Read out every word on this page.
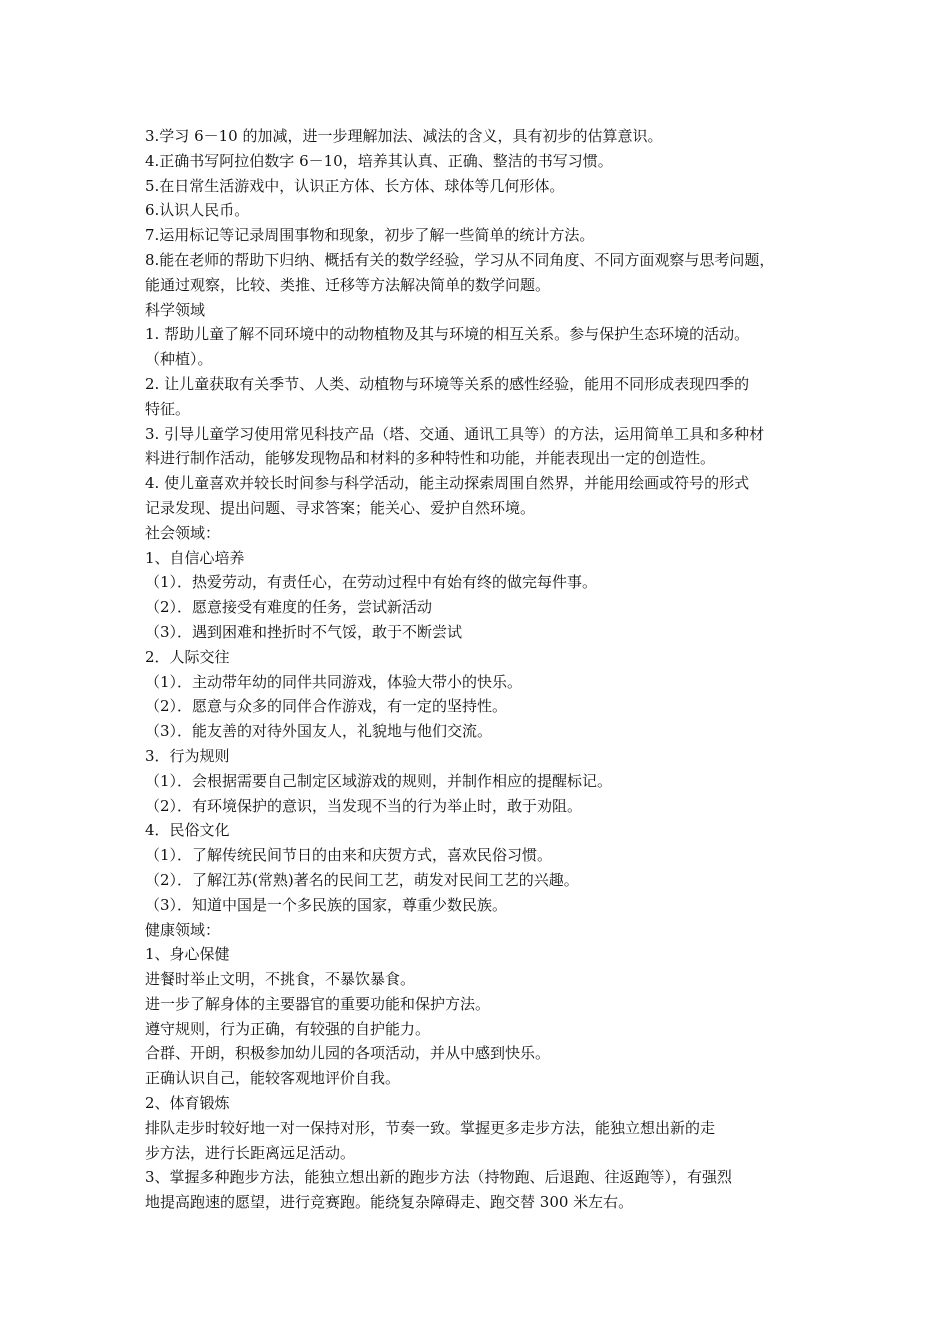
3.学习 6－10 的加减，进一步理解加法、减法的含义，具有初步的估算意识。
4.正确书写阿拉伯数字 6－10，培养其认真、正确、整洁的书写习惯。
5.在日常生活游戏中，认识正方体、长方体、球体等几何形体。
6.认识人民币。
7.运用标记等记录周围事物和现象，初步了解一些简单的统计方法。
8.能在老师的帮助下归纳、概括有关的数学经验，学习从不同角度、不同方面观察与思考问题，
能通过观察，比较、类推、迁移等方法解决简单的数学问题。
科学领域
1. 帮助儿童了解不同环境中的动物植物及其与环境的相互关系。参与保护生态环境的活动。
（种植）。
2. 让儿童获取有关季节、人类、动植物与环境等关系的感性经验，能用不同形成表现四季的
特征。
3. 引导儿童学习使用常见科技产品（塔、交通、通讯工具等）的方法，运用简单工具和多种材
料进行制作活动，能够发现物品和材料的多种特性和功能，并能表现出一定的创造性。
4. 使儿童喜欢并较长时间参与科学活动，能主动探索周围自然界，并能用绘画或符号的形式
记录发现、提出问题、寻求答案；能关心、爱护自然环境。
社会领域：
1、自信心培养
（1）．热爱劳动，有责任心，在劳动过程中有始有终的做完每件事。
（2）．愿意接受有难度的任务，尝试新活动
（3）．遇到困难和挫折时不气馁，敢于不断尝试
2．人际交往
（1）．主动带年幼的同伴共同游戏，体验大带小的快乐。
（2）．愿意与众多的同伴合作游戏，有一定的坚持性。
（3）．能友善的对待外国友人，礼貌地与他们交流。
3．行为规则
（1）．会根据需要自己制定区域游戏的规则，并制作相应的提醒标记。
（2）．有环境保护的意识，当发现不当的行为举止时，敢于劝阻。
4．民俗文化
（1）．了解传统民间节日的由来和庆贺方式，喜欢民俗习惯。
（2）．了解江苏(常熟)著名的民间工艺，萌发对民间工艺的兴趣。
（3）．知道中国是一个多民族的国家，尊重少数民族。
健康领域：
1、身心保健
进餐时举止文明，不挑食，不暴饮暴食。
进一步了解身体的主要器官的重要功能和保护方法。
遵守规则，行为正确，有较强的自护能力。
合群、开朗，积极参加幼儿园的各项活动，并从中感到快乐。
正确认识自己，能较客观地评价自我。
2、体育锻炼
排队走步时较好地一对一保持对形，节奏一致。掌握更多走步方法，能独立想出新的走
步方法，进行长距离远足活动。
3、掌握多种跑步方法，能独立想出新的跑步方法（持物跑、后退跑、往返跑等），有强烈
地提高跑速的愿望，进行竞赛跑。能绕复杂障碍走、跑交替 300 米左右。
